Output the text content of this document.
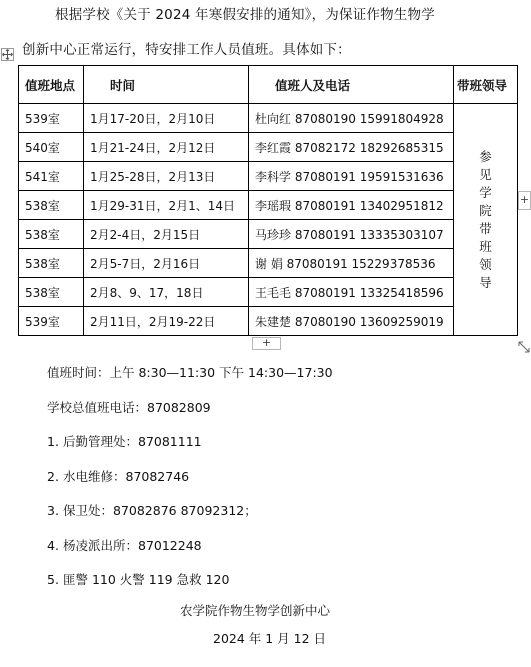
根据学校《关于 2024 年寒假安排的通知》，为保证作物生物学
创新中心正常运行，特安排工作人员值班。具体如下：
值班地点	时间	值班人及电话	带班领导
539室	1月17-20日，2月10日	杜向红 87080190 15991804928	参见学院带班领导
540室	1月21-24日，2月12日	李红霞 87082172 18292685315	
541室	1月25-28日，2月13日	李科学 87080191 19591531636	
538室	1月29-31日，2月1、14日	李瑶瑕 87080191 13402951812	
538室	2月2-4日，2月15日	马珍珍 87080191 13335303107	
538室	2月5-7日，2月16日	谢 娟 87080191 15229378536	
538室	2月8、9、17，18日	王毛毛 87080191 13325418596	
539室	2月11日，2月19-22日	朱建楚 87080190 13609259019	
+
+
值班时间：上午 8:30—11:30 下午 14:30—17:30
学校总值班电话：87082809
1. 后勤管理处：87081111
2. 水电维修：87082746
3. 保卫处：87082876 87092312；
4. 杨凌派出所：87012248
5. 匪警 110 火警 119 急救 120
农学院作物生物学创新中心
2024 年 1 月 12 日
